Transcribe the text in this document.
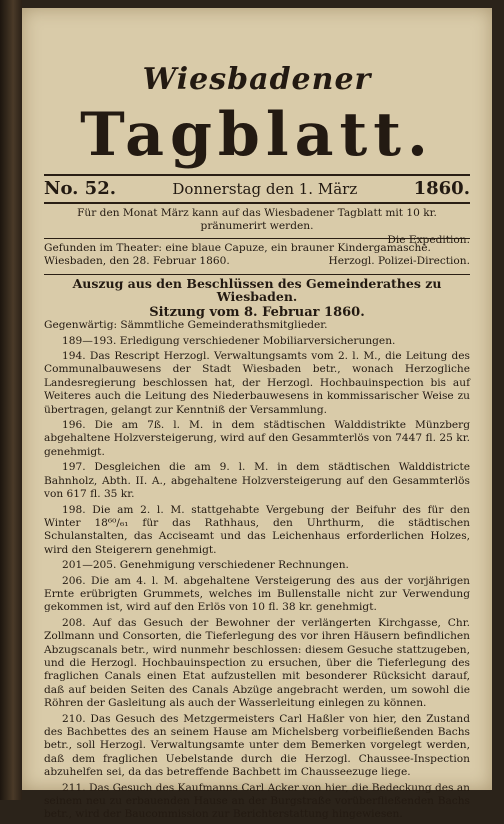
Wiesbadener
Tagblatt.
No. 52.	Donnerstag den 1. März	1860.

Für den Monat März kann auf das Wiesbadener Tagblatt mit 10 kr. pränumerirt werden.

Die Expedition.

Gefunden im Theater: eine blaue Capuze, ein brauner Kindergamasche.

Wiesbaden, den 28. Februar 1860.	Herzogl. Polizei-Direction.

Auszug aus den Beschlüssen des Gemeinderathes zu Wiesbaden.

Sitzung vom 8. Februar 1860.

Gegenwärtig: Sämmtliche Gemeinderathsmitglieder.

189—193. Erledigung verschiedener Mobiliarversicherungen.

194. Das Rescript Herzogl. Verwaltungsamts vom 2. l. M., die Leitung des Communalbauwesens der Stadt Wiesbaden betr., wonach Herzogliche Landesregierung beschlossen hat, der Herzogl. Hochbauinspection bis auf Weiteres auch die Leitung des Niederbauwesens in kommissarischer Weise zu übertragen, gelangt zur Kenntniß der Versammlung.

196. Die am 7ß. l. M. in dem städtischen Walddistrikte Münzberg abgehaltene Holzversteigerung, wird auf den Gesammterlös von 7447 fl. 25 kr. genehmigt.

197. Desgleichen die am 9. l. M. in dem städtischen Walddistricte Bahnholz, Abth. II. A., abgehaltene Holzversteigerung auf den Gesammterlös von 617 fl. 35 kr.

198. Die am 2. l. M. stattgehabte Vergebung der Beifuhr des für den Winter 18⁶⁰/₆₁ für das Rathhaus, den Uhrthurm, die städtischen Schulanstalten, das Acciseamt und das Leichenhaus erforderlichen Holzes, wird den Steigerern genehmigt.

201—205. Genehmigung verschiedener Rechnungen.

206. Die am 4. l. M. abgehaltene Versteigerung des aus der vorjährigen Ernte erübrigten Grummets, welches im Bullenstalle nicht zur Verwendung gekommen ist, wird auf den Erlös von 10 fl. 38 kr. genehmigt.

208. Auf das Gesuch der Bewohner der verlängerten Kirchgasse, Chr. Zollmann und Consorten, die Tieferlegung des vor ihren Häusern befindlichen Abzugscanals betr., wird nunmehr beschlossen: diesem Gesuche stattzugeben, und die Herzogl. Hochbauinspection zu ersuchen, über die Tieferlegung des fraglichen Canals einen Etat aufzustellen mit besonderer Rücksicht darauf, daß auf beiden Seiten des Canals Abzüge angebracht werden, um sowohl die Röhren der Gasleitung als auch der Wasserleitung einlegen zu können.

210. Das Gesuch des Metzgermeisters Carl Haßler von hier, den Zustand des Bachbettes des an seinem Hause am Michelsberg vorbeifließenden Bachs betr., soll Herzogl. Verwaltungsamte unter dem Bemerken vorgelegt werden, daß dem fraglichen Uebelstande durch die Herzogl. Chaussee-Inspection abzuhelfen sei, da das betreffende Bachbett im Chausseezuge liege.

211. Das Gesuch des Kaufmanns Carl Acker von hier, die Bedeckung des an seinem neu zu erbauenden Hause an der Burgstraße vorüberfließenden Bachs betr., wird der Baucommission zur Berichterstattung hingewiesen.
